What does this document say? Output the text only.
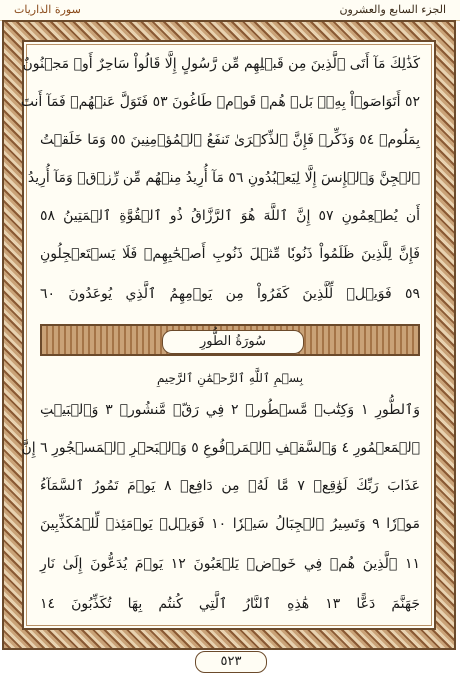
الجزء السابع والعشرون
سورة الذاريات
كَذَٰلِكَ مَآ أَتَى ٱلَّذِينَ مِن قَبۡلِهِم مِّن رَّسُولٍ إِلَّا قَالُواْ سَاحِرٌ أَوۡ مَجۡنُونٌ
٥٢ أَتَوَاصَوۡاْ بِهِۦۚ بَلۡ هُمۡ قَوۡمٞ طَاغُونَ ٥٣ فَتَوَلَّ عَنۡهُمۡ فَمَآ أَنتَ
بِمَلُومٖ ٥٤ وَذَكِّرۡ فَإِنَّ ٱلذِّكۡرَىٰ تَنفَعُ ٱلۡمُؤۡمِنِينَ ٥٥ وَمَا خَلَقۡتُ
ٱلۡجِنَّ وَٱلۡإِنسَ إِلَّا لِيَعۡبُدُونِ ٥٦ مَآ أُرِيدُ مِنۡهُم مِّن رِّزۡقٖ وَمَآ أُرِيدُ
أَن يُطۡعِمُونِ ٥٧ إِنَّ ٱللَّهَ هُوَ ٱلرَّزَّاقُ ذُو ٱلۡقُوَّةِ ٱلۡمَتِينُ ٥٨
فَإِنَّ لِلَّذِينَ ظَلَمُواْ ذَنُوبٗا مِّثۡلَ ذَنُوبِ أَصۡحَٰبِهِمۡ فَلَا يَسۡتَعۡجِلُونِ
٥٩ فَوَيۡلٞ لِّلَّذِينَ كَفَرُواْ مِن يَوۡمِهِمُ ٱلَّذِي يُوعَدُونَ ٦٠
سُورَةُ الطُّورِ
بِسۡمِ ٱللَّهِ ٱلرَّحۡمَٰنِ ٱلرَّحِيمِ
وَٱلطُّورِ ١ وَكِتَٰبٖ مَّسۡطُورٖ ٢ فِي رَقّٖ مَّنشُورٖ ٣ وَٱلۡبَيۡتِ
ٱلۡمَعۡمُورِ ٤ وَٱلسَّقۡفِ ٱلۡمَرۡفُوعِ ٥ وَٱلۡبَحۡرِ ٱلۡمَسۡجُورِ ٦ إِنَّ
عَذَابَ رَبِّكَ لَوَٰقِعٞ ٧ مَّا لَهُۥ مِن دَافِعٖ ٨ يَوۡمَ تَمُورُ ٱلسَّمَآءُ
مَوۡرٗا ٩ وَتَسِيرُ ٱلۡجِبَالُ سَيۡرٗا ١٠ فَوَيۡلٞ يَوۡمَئِذٖ لِّلۡمُكَذِّبِينَ
١١ ٱلَّذِينَ هُمۡ فِي خَوۡضٖ يَلۡعَبُونَ ١٢ يَوۡمَ يُدَعُّونَ إِلَىٰ نَارِ
جَهَنَّمَ دَعًّا ١٣ هَٰذِهِ ٱلنَّارُ ٱلَّتِي كُنتُم بِهَا تُكَذِّبُونَ ١٤
٥٢٣
